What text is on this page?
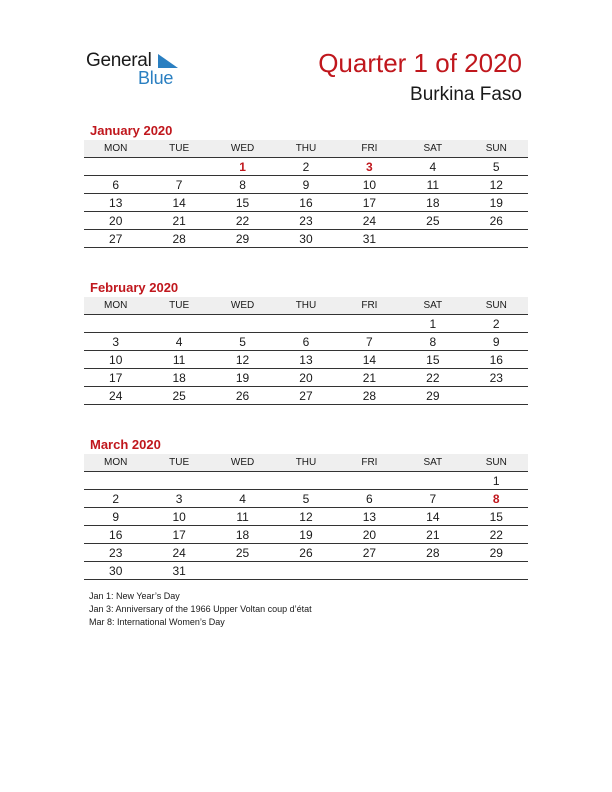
General
Blue	Quarter 1 of 2020
Burkina Faso
January 2020
MON	TUE	WED	THU	FRI	SAT	SUN
		1	2	3	4	5
6	7	8	9	10	11	12
13	14	15	16	17	18	19
20	21	22	23	24	25	26
27	28	29	30	31		
February 2020
MON	TUE	WED	THU	FRI	SAT	SUN
					1	2
3	4	5	6	7	8	9
10	11	12	13	14	15	16
17	18	19	20	21	22	23
24	25	26	27	28	29	
March 2020
MON	TUE	WED	THU	FRI	SAT	SUN
						1
2	3	4	5	6	7	8
9	10	11	12	13	14	15
16	17	18	19	20	21	22
23	24	25	26	27	28	29
30	31					
Jan 1: New Year’s Day
Jan 3: Anniversary of the 1966 Upper Voltan coup d’état
Mar 8: International Women’s Day
